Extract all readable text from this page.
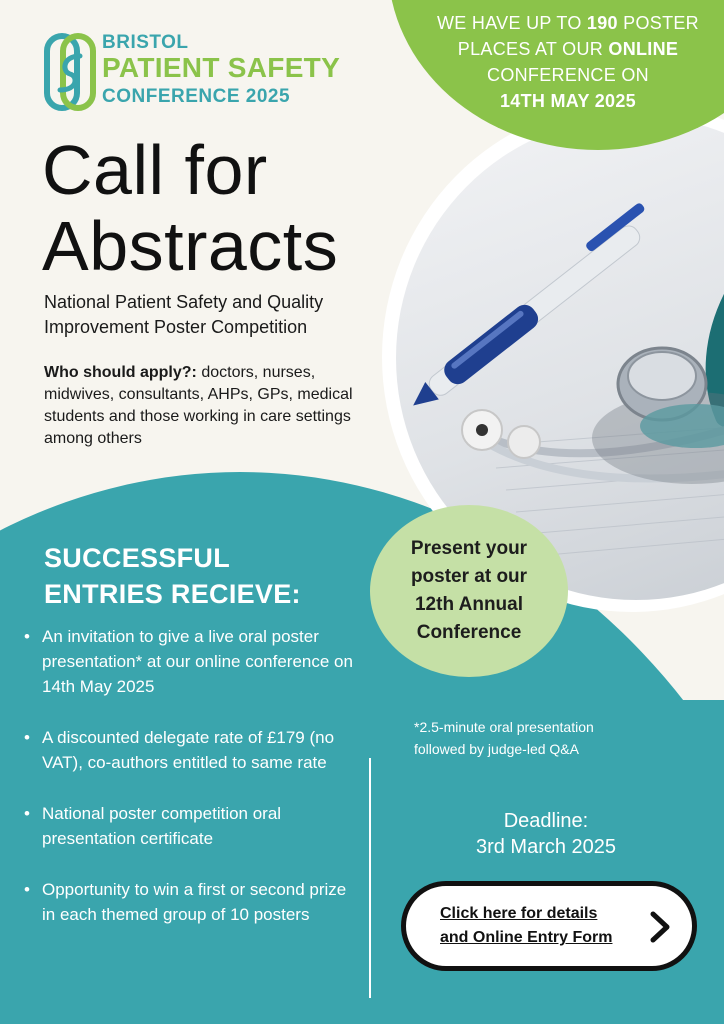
WE HAVE UP TO 190 POSTER
PLACES AT OUR ONLINE
CONFERENCE ON
14TH MAY 2025
BRISTOL
PATIENT SAFETY
CONFERENCE 2025
Call for
Abstracts
National Patient Safety and Quality
Improvement Poster Competition
Who should apply?: doctors, nurses, midwives, consultants, AHPs, GPs, medical students and those working in care settings among others
Present your
poster at our
12th Annual
Conference
SUCCESSFUL
ENTRIES RECIEVE:
• An invitation to give a live oral poster presentation* at our online conference on 14th May 2025
• A discounted delegate rate of £179 (no VAT), co-authors entitled to same rate
• National poster competition oral presentation certificate
• Opportunity to win a first or second prize in each themed group of 10 posters
*2.5-minute oral presentation
followed by judge-led Q&A
Deadline:
3rd March 2025
Click here for details
and Online Entry Form
